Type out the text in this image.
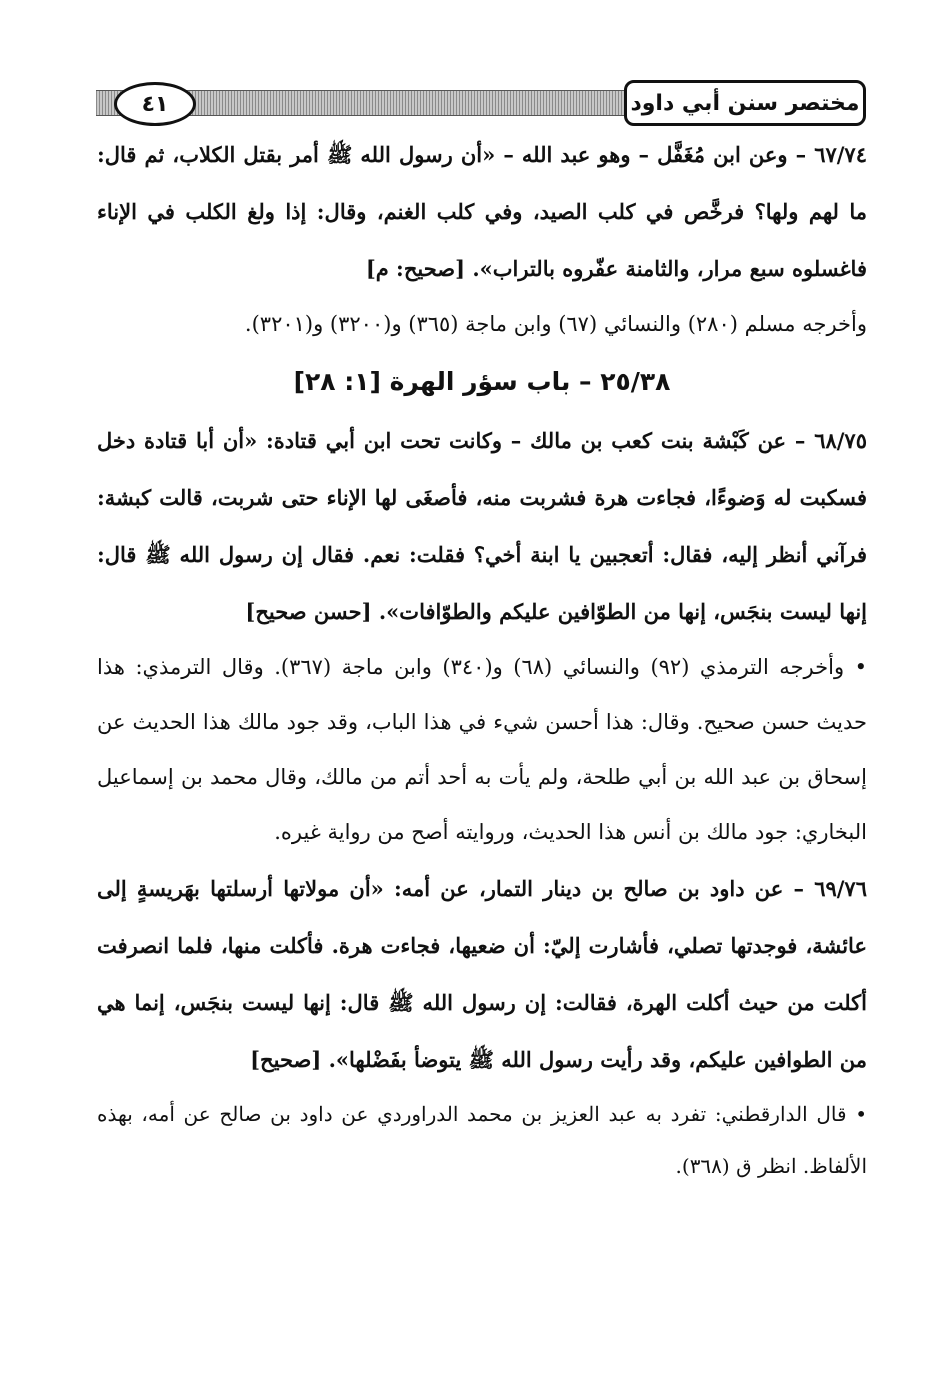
٤١	مختصر سنن أبي داود

٦٧/٧٤ – وعن ابن مُغَفَّل – وهو عبد الله – «أن رسول الله ﷺ أمر بقتل الكلاب، ثم قال: ما لهم ولها؟ فرخَّص في كلب الصيد، وفي كلب الغنم، وقال: إذا ولغ الكلب في الإناء فاغسلوه سبع مرار، والثامنة عفّروه بالتراب». [صحيح: م]

وأخرجه مسلم (٢٨٠) والنسائي (٦٧) وابن ماجة (٣٦٥) و(٣٢٠٠) و(٣٢٠١).

٢٥/٣٨ – باب سؤر الهرة [١: ٢٨]

٦٨/٧٥ – عن كَبْشة بنت كعب بن مالك – وكانت تحت ابن أبي قتادة: «أن أبا قتادة دخل فسكبت له وَضوءًا، فجاءت هرة فشربت منه، فأصغَى لها الإناء حتى شربت، قالت كبشة: فرآني أنظر إليه، فقال: أتعجبين يا ابنة أخي؟ فقلت: نعم. فقال إن رسول الله ﷺ قال: إنها ليست بنجَس، إنها من الطوّافين عليكم والطوّافات». [حسن صحيح]

• وأخرجه الترمذي (٩٢) والنسائي (٦٨) و(٣٤٠) وابن ماجة (٣٦٧). وقال الترمذي: هذا حديث حسن صحيح. وقال: هذا أحسن شيء في هذا الباب، وقد جود مالك هذا الحديث عن إسحاق بن عبد الله بن أبي طلحة، ولم يأت به أحد أتم من مالك، وقال محمد بن إسماعيل البخاري: جود مالك بن أنس هذا الحديث، وروايته أصح من رواية غيره.

٦٩/٧٦ – عن داود بن صالح بن دينار التمار، عن أمه: «أن مولاتها أرسلتها بهَريسةٍ إلى عائشة، فوجدتها تصلي، فأشارت إليّ: أن ضعيها، فجاءت هرة. فأكلت منها، فلما انصرفت أكلت من حيث أكلت الهرة، فقالت: إن رسول الله ﷺ قال: إنها ليست بنجَس، إنما هي من الطوافين عليكم، وقد رأيت رسول الله ﷺ يتوضأ بفَضْلها». [صحيح]

• قال الدارقطني: تفرد به عبد العزيز بن محمد الدراوردي عن داود بن صالح عن أمه، بهذه الألفاظ. انظر ق (٣٦٨).
